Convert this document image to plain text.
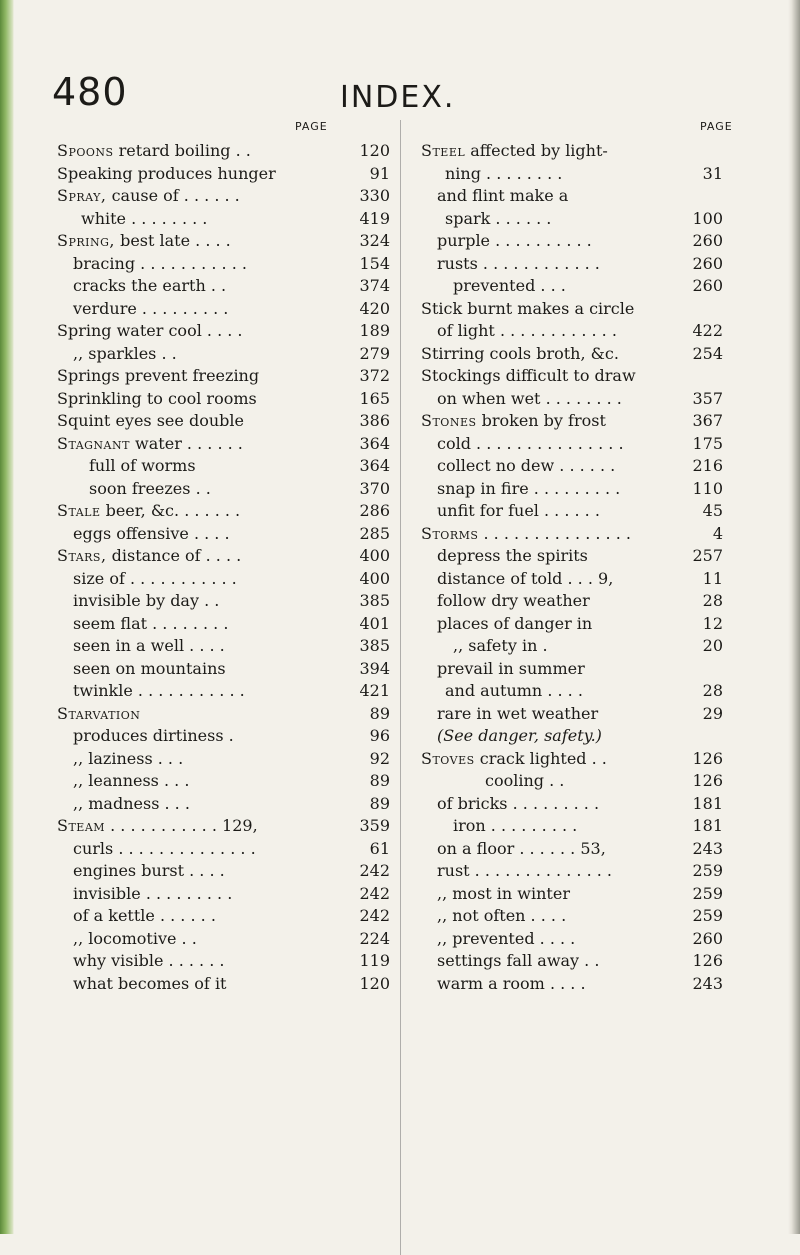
480	INDEX.
PAGE	PAGE
Spoons retard boiling . .	120
Speaking produces hunger	91
Spray, cause of . . . . . .	330
white . . . . . . . .	419
Spring, best late . . . .	324
bracing . . . . . . . . . . .	154
cracks the earth . .	374
verdure . . . . . . . . .	420
Spring water cool . . . .	189
,, sparkles . .	279
Springs prevent freezing	372
Sprinkling to cool rooms	165
Squint eyes see double	386
Stagnant water . . . . . .	364
full of worms	364
soon freezes . .	370
Stale beer, &c. . . . . . .	286
eggs offensive . . . .	285
Stars, distance of . . . .	400
size of . . . . . . . . . . .	400
invisible by day . .	385
seem flat . . . . . . . .	401
seen in a well . . . .	385
seen on mountains	394
twinkle . . . . . . . . . . .	421
Starvation	89
produces dirtiness .	96
,, laziness . . .	92
,, leanness . . .	89
,, madness . . .	89
Steam . . . . . . . . . . . 129,	359
curls . . . . . . . . . . . . . .	61
engines burst . . . .	242
invisible . . . . . . . . .	242
of a kettle . . . . . .	242
,, locomotive . .	224
why visible . . . . . .	119
what becomes of it	120
Steel affected by light-
ning . . . . . . . .	31
and flint make a
spark . . . . . .	100
purple . . . . . . . . . .	260
rusts . . . . . . . . . . . .	260
prevented . . .	260
Stick burnt makes a circle
of light . . . . . . . . . . . .	422
Stirring cools broth, &c.	254
Stockings difficult to draw
on when wet . . . . . . . .	357
Stones broken by frost	367
cold . . . . . . . . . . . . . . .	175
collect no dew . . . . . .	216
snap in fire . . . . . . . . .	110
unfit for fuel . . . . . .	45
Storms . . . . . . . . . . . . . . .	4
depress the spirits	257
distance of told . . . 9,	11
follow dry weather	28
places of danger in	12
,, safety in .	20
prevail in summer
and autumn . . . .	28
rare in wet weather	29
(See danger, safety.)
Stoves crack lighted . .	126
cooling . .	126
of bricks . . . . . . . . .	181
iron . . . . . . . . .	181
on a floor . . . . . . 53,	243
rust . . . . . . . . . . . . . .	259
,, most in winter	259
,, not often . . . .	259
,, prevented . . . .	260
settings fall away . .	126
warm a room . . . .	243
